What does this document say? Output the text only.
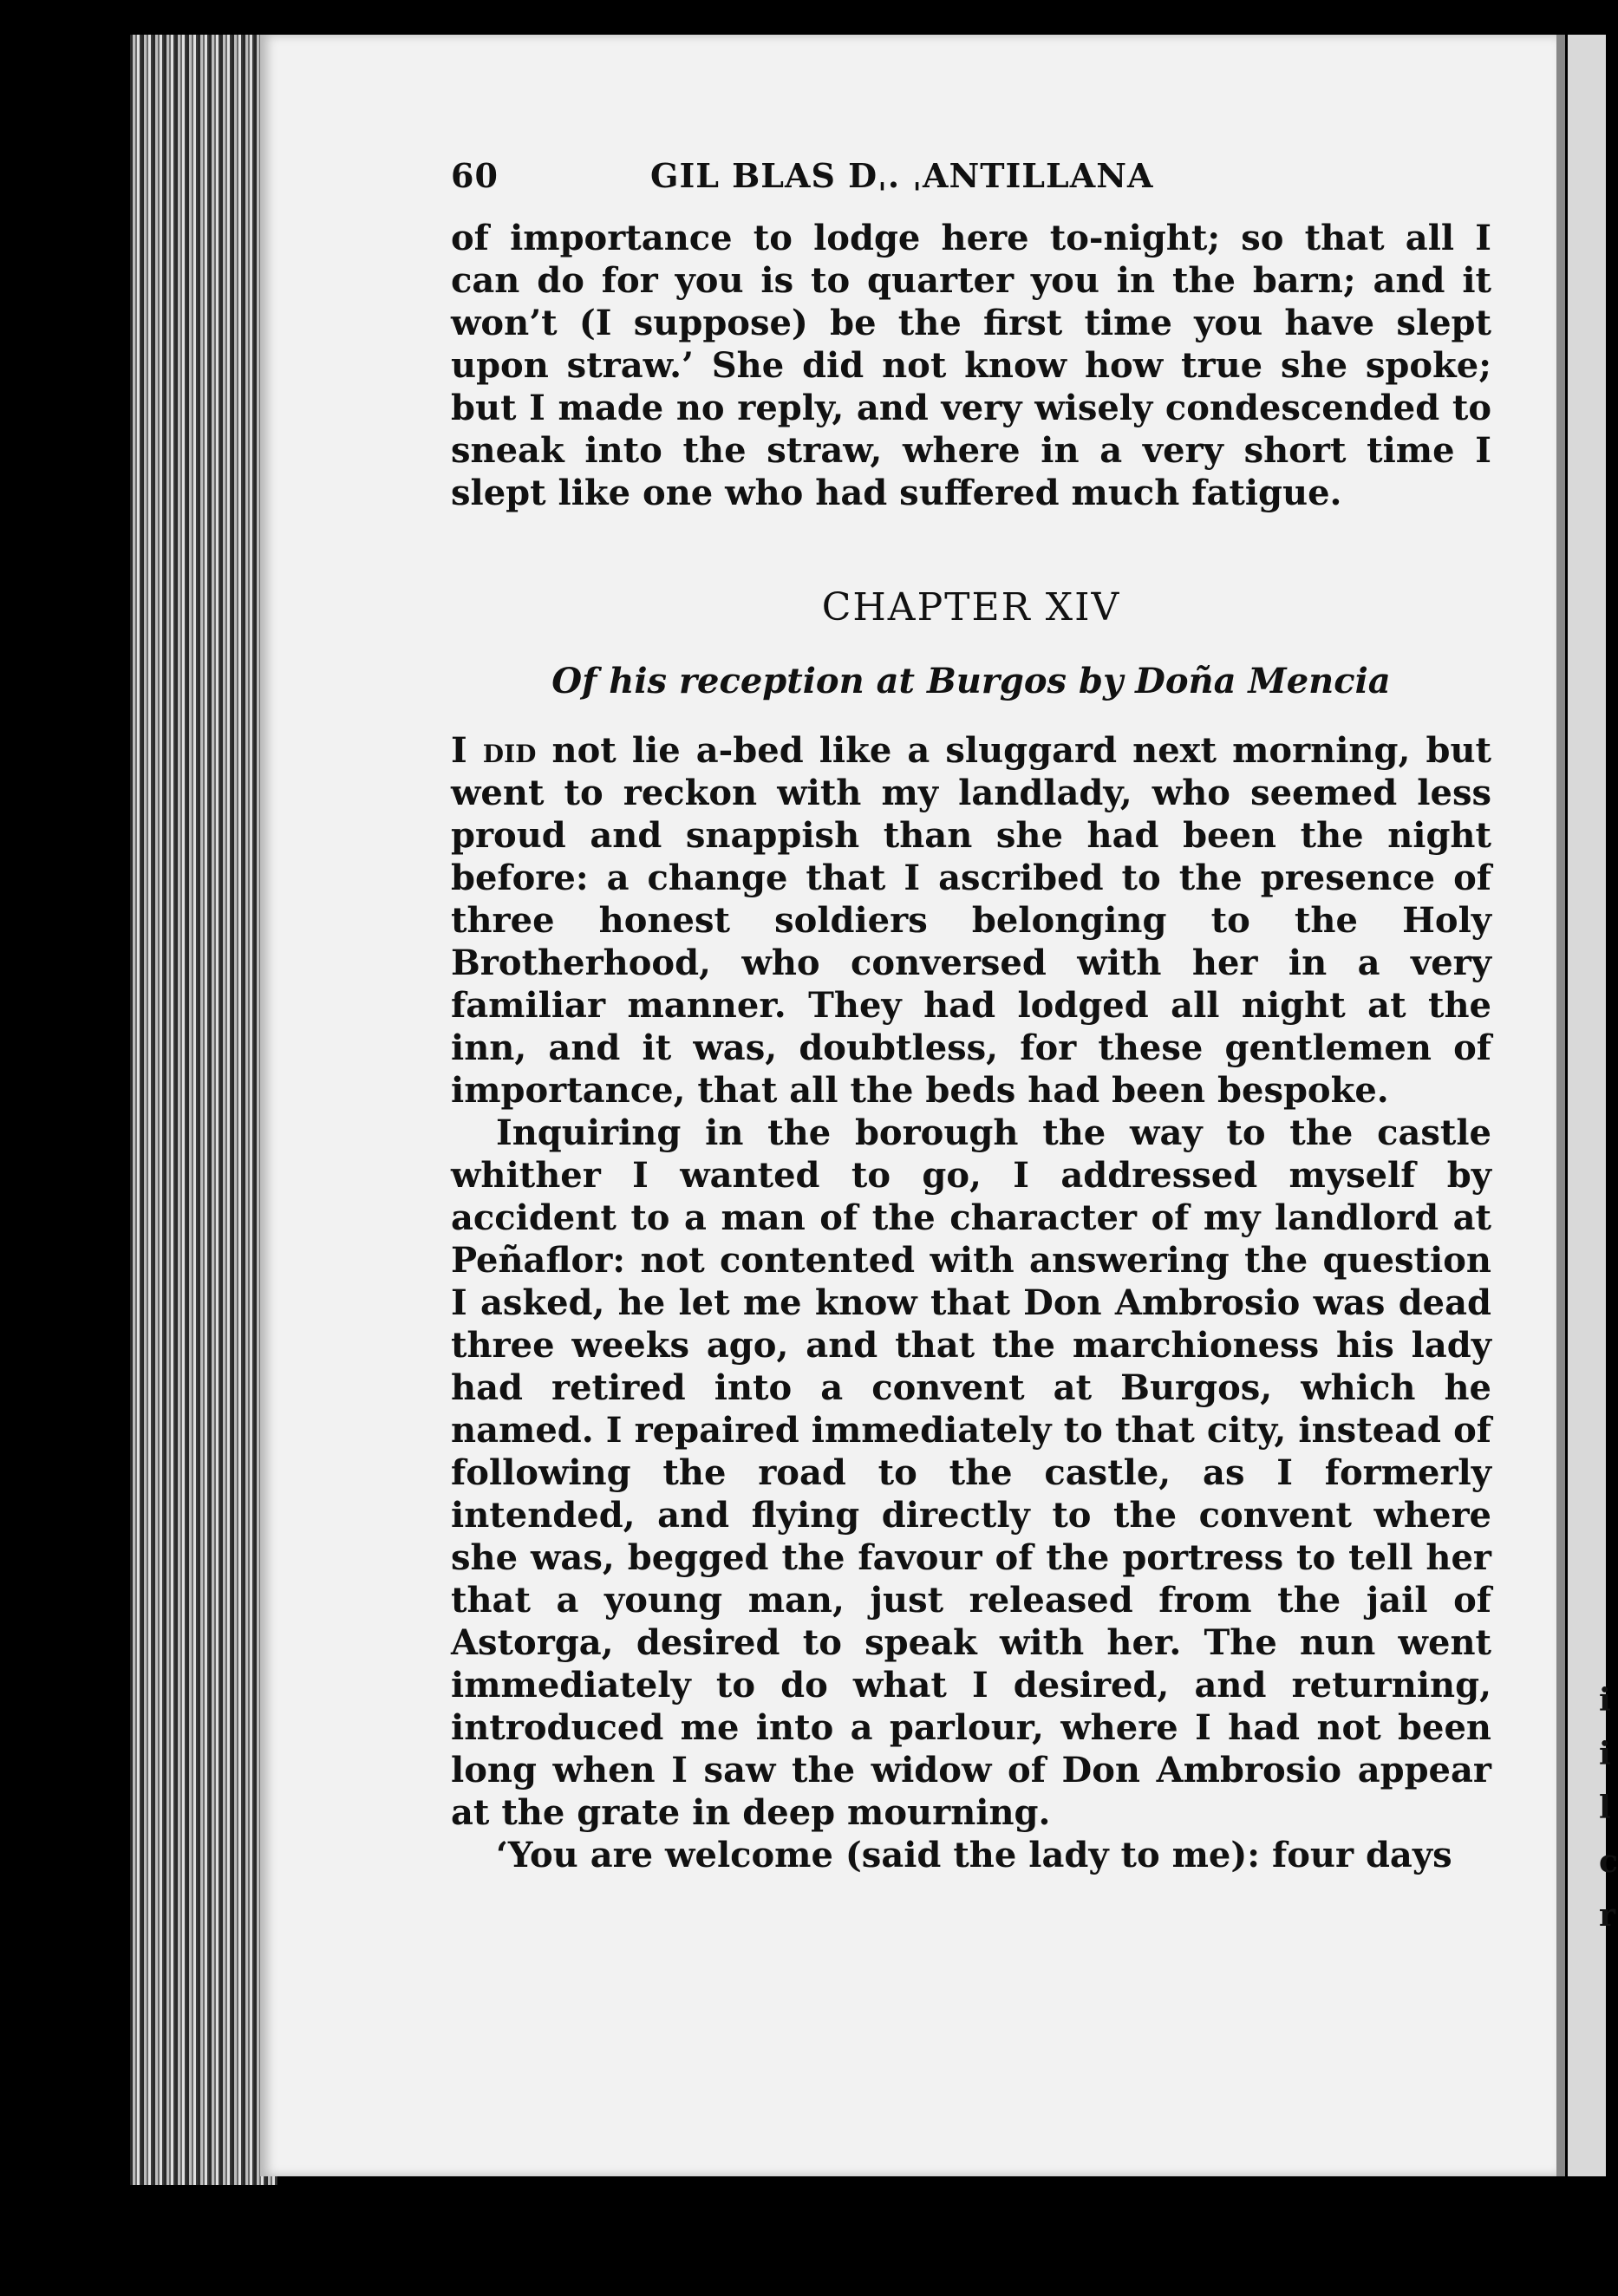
i
i
l
c
r
60	GIL BLAS Dˌ. ˌANTILLANA

of importance to lodge here to-night; so that all I can do for you is to quarter you in the barn; and it won’t (I suppose) be the first time you have slept upon straw.’ She did not know how true she spoke; but I made no reply, and very wisely condescended to sneak into the straw, where in a very short time I slept like one who had suffered much fatigue.

CHAPTER XIV
Of his reception at Burgos by Doña Mencia

I did not lie a-bed like a sluggard next morning, but went to reckon with my landlady, who seemed less proud and snappish than she had been the night before: a change that I ascribed to the presence of three honest soldiers belonging to the Holy Brotherhood, who conversed with her in a very familiar manner. They had lodged all night at the inn, and it was, doubtless, for these gentlemen of importance, that all the beds had been bespoke.

Inquiring in the borough the way to the castle whither I wanted to go, I addressed myself by accident to a man of the character of my landlord at Peñaflor: not contented with answering the question I asked, he let me know that Don Ambrosio was dead three weeks ago, and that the marchioness his lady had retired into a convent at Burgos, which he named. I repaired immediately to that city, instead of following the road to the castle, as I formerly intended, and flying directly to the convent where she was, begged the favour of the portress to tell her that a young man, just released from the jail of Astorga, desired to speak with her. The nun went immediately to do what I desired, and returning, introduced me into a parlour, where I had not been long when I saw the widow of Don Ambrosio appear at the grate in deep mourning.

‘You are welcome (said the lady to me): four days
